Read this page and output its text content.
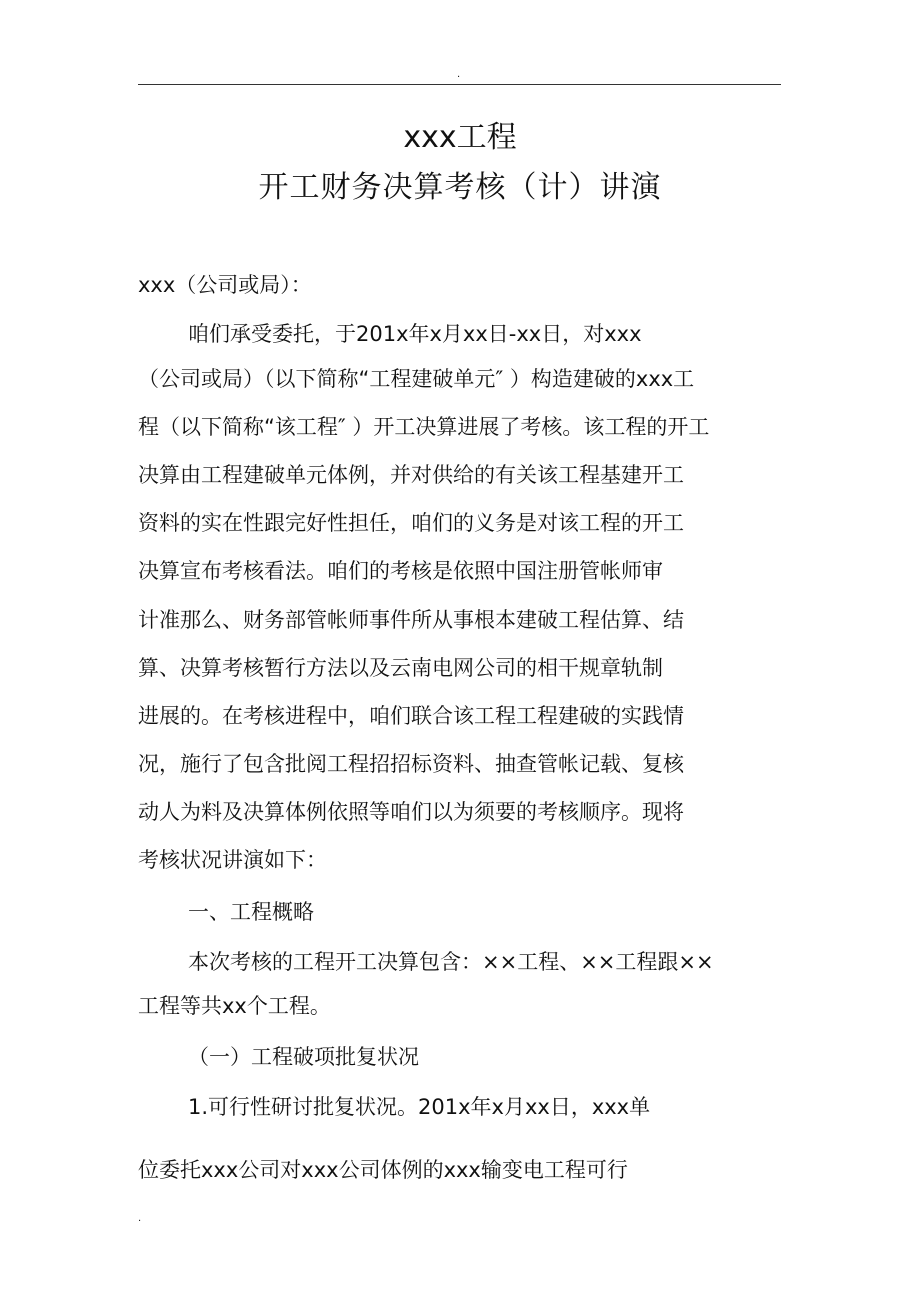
.
xxx工程
开工财务决算考核（计）讲演
xxx（公司或局）：
咱们承受委托，于201x年x月xx日-xx日，对xxx
（公司或局）（以下简称“工程建破单元″ ）构造建破的xxx工
程（以下简称“该工程″ ）开工决算进展了考核。该工程的开工
决算由工程建破单元体例，并对供给的有关该工程基建开工
资料的实在性跟完好性担任，咱们的义务是对该工程的开工
决算宣布考核看法。咱们的考核是依照中国注册管帐师审
计准那么、财务部管帐师事件所从事根本建破工程估算、结
算、决算考核暂行方法以及云南电网公司的相干规章轨制
进展的。在考核进程中，咱们联合该工程工程建破的实践情
况，施行了包含批阅工程招招标资料、抽查管帐记载、复核
动人为料及决算体例依照等咱们以为须要的考核顺序。现将
考核状况讲演如下：
一、工程概略
本次考核的工程开工决算包含：××工程、××工程跟××
工程等共xx个工程。
（一）工程破项批复状况
1.可行性研讨批复状况。201x年x月xx日，xxx单
位委托xxx公司对xxx公司体例的xxx输变电工程可行
.
